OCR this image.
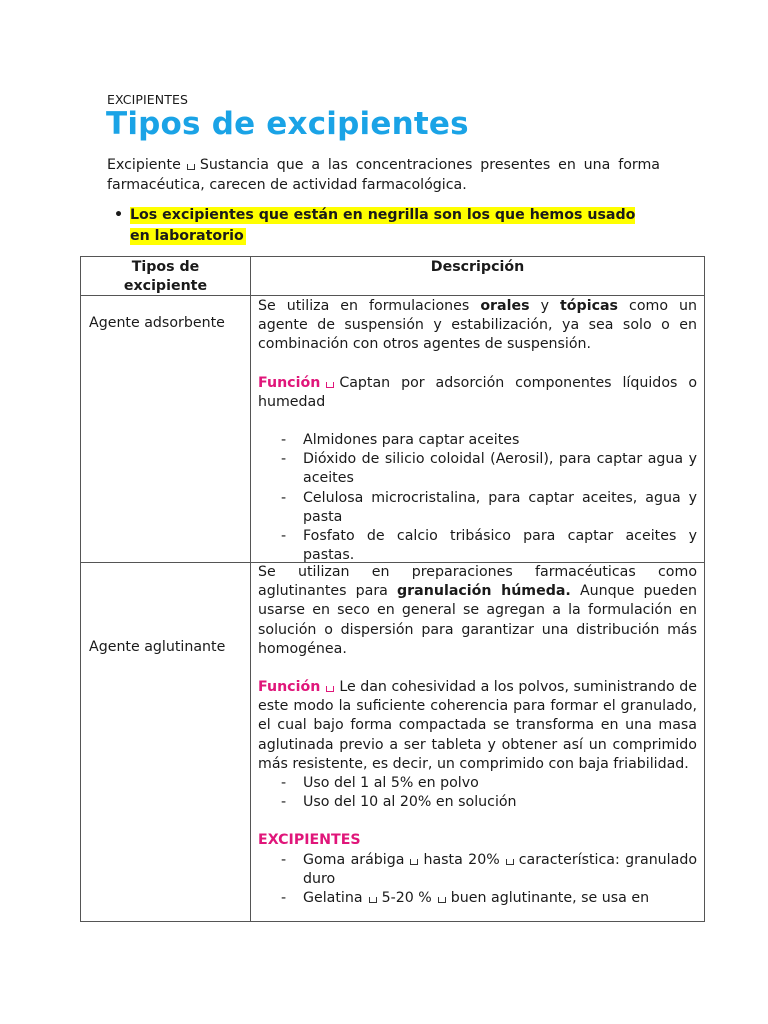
EXCIPIENTES
Tipos de excipientes
Excipiente Sustancia que a las concentraciones presentes en una forma farmacéutica, carecen de actividad farmacológica.
• Los excipientes que están en negrilla son los que hemos usado en laboratorio
Tipos de excipiente
Descripción
Agente adsorbente

Se utiliza en formulaciones orales y tópicas como un agente de suspensión y estabilización, ya sea solo o en combinación con otros agentes de suspensión.

Función Captan por adsorción componentes líquidos o humedad

- Almidones para captar aceites
- Dióxido de silicio coloidal (Aerosil), para captar agua y aceites
- Celulosa microcristalina, para captar aceites, agua y pasta
- Fosfato de calcio tribásico para captar aceites y pastas.
Agente aglutinante

Se utilizan en preparaciones farmacéuticas como aglutinantes para granulación húmeda. Aunque pueden usarse en seco en general se agregan a la formulación en solución o dispersión para garantizar una distribución más homogénea.

Función Le dan cohesividad a los polvos, suministrando de este modo la suficiente coherencia para formar el granulado, el cual bajo forma compactada se transforma en una masa aglutinada previo a ser tableta y obtener así un comprimido más resistente, es decir, un comprimido con baja friabilidad.

- Uso del 1 al 5% en polvo
- Uso del 10 al 20% en solución

EXCIPIENTES

- Goma arábiga hasta 20% característica: granulado duro
- Gelatina 5-20 % buen aglutinante, se usa en
